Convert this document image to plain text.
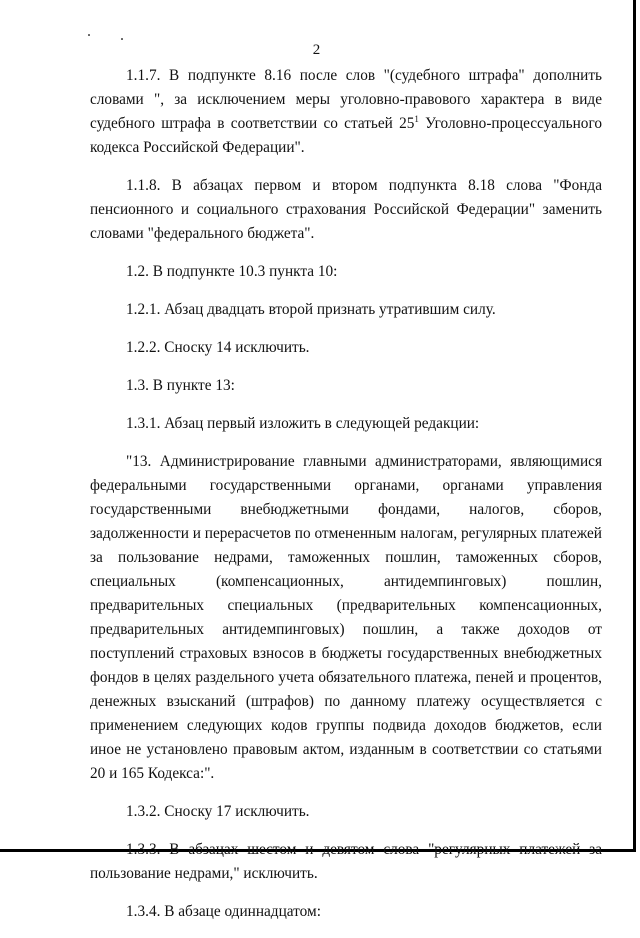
2

1.1.7. В подпункте 8.16 после слов "(судебного штрафа" дополнить словами ", за исключением меры уголовно-правового характера в виде судебного штрафа в соответствии со статьей $25^1$ Уголовно-процессуального кодекса Российской Федерации".

1.1.8. В абзацах первом и втором подпункта 8.18 слова "Фонда пенсионного и социального страхования Российской Федерации" заменить словами "федерального бюджета".

1.2. В подпункте 10.3 пункта 10:

1.2.1. Абзац двадцать второй признать утратившим силу.

1.2.2. Сноску 14 исключить.

1.3. В пункте 13:

1.3.1. Абзац первый изложить в следующей редакции:

"13. Администрирование главными администраторами, являющимися федеральными государственными органами, органами управления государственными внебюджетными фондами, налогов, сборов, задолженности и перерасчетов по отмененным налогам, регулярных платежей за пользование недрами, таможенных пошлин, таможенных сборов, специальных (компенсационных, антидемпинговых) пошлин, предварительных специальных (предварительных компенсационных, предварительных антидемпинговых) пошлин, а также доходов от поступлений страховых взносов в бюджеты государственных внебюджетных фондов в целях раздельного учета обязательного платежа, пеней и процентов, денежных взысканий (штрафов) по данному платежу осуществляется с применением следующих кодов группы подвида доходов бюджетов, если иное не установлено правовым актом, изданным в соответствии со статьями 20 и 165 Кодекса:".

1.3.2. Сноску 17 исключить.

1.3.3. В абзацах шестом и девятом слова "регулярных платежей за пользование недрами," исключить.

1.3.4. В абзаце одиннадцатом:
